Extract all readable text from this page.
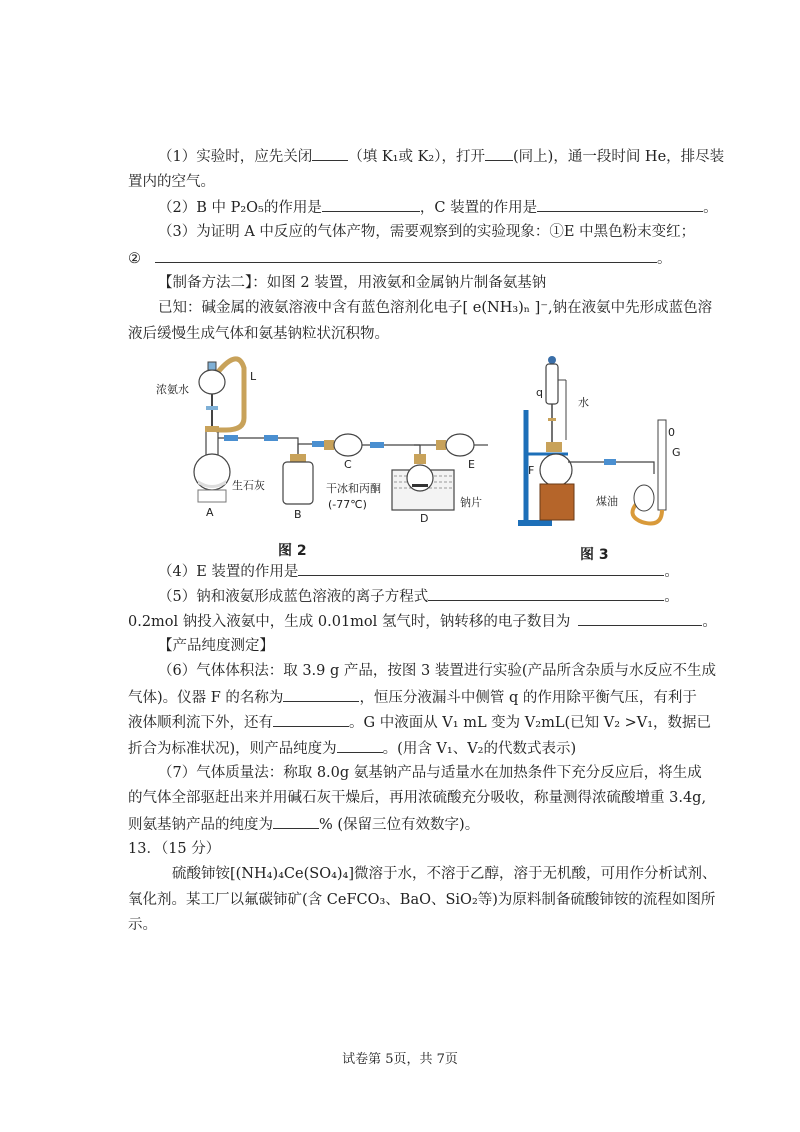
（1）实验时，应先关闭 （填 K₁或 K₂），打开 (同上)，通一段时间 He，排尽装
置内的空气。
（2）B 中 P₂O₅的作用是	，C 装置的作用是	。
（3）为证明 A 中反应的气体产物，需要观察到的实验现象：①E 中黑色粉末变红；
②	。
【制备方法二】：如图 2 装置，用液氨和金属钠片制备氨基钠
已知：碱金属的液氨溶液中含有蓝色溶剂化电子[ e(NH₃)ₙ ]⁻,钠在液氨中先形成蓝色溶
液后缓慢生成气体和氨基钠粒状沉积物。
浓氨水
L
生石灰
A	B
C
D
E
干冰和丙酮
(-77℃)	钠片
图 2
q
水
F
煤油
G
0
图 3
（4）E 装置的作用是	。
（5）钠和液氨形成蓝色溶液的离子方程式	。
0.2mol 钠投入液氨中，生成 0.01mol 氢气时，钠转移的电子数目为	。
【产品纯度测定】
（6）气体体积法：取 3.9 g 产品，按图 3 装置进行实验(产品所含杂质与水反应不生成
气体)。仪器 F 的名称为	，恒压分液漏斗中侧管 q 的作用除平衡气压，有利于
液体顺利流下外，还有	。G 中液面从 V₁ mL 变为 V₂mL(已知 V₂ >V₁，数据已
折合为标准状况)，则产品纯度为	。(用含 V₁、V₂的代数式表示)
（7）气体质量法：称取 8.0g 氨基钠产品与适量水在加热条件下充分反应后，将生成
的气体全部驱赶出来并用碱石灰干燥后，再用浓硫酸充分吸收，称量测得浓硫酸增重 3.4g,
则氨基钠产品的纯度为	% (保留三位有效数字)。
13．（15 分）
硫酸铈铵[(NH₄)₄Ce(SO₄)₄]微溶于水，不溶于乙醇，溶于无机酸，可用作分析试剂、
氧化剂。某工厂以氟碳铈矿(含 CeFCO₃、BaO、SiO₂等)为原料制备硫酸铈铵的流程如图所
示。
试卷第 5页，共 7页
